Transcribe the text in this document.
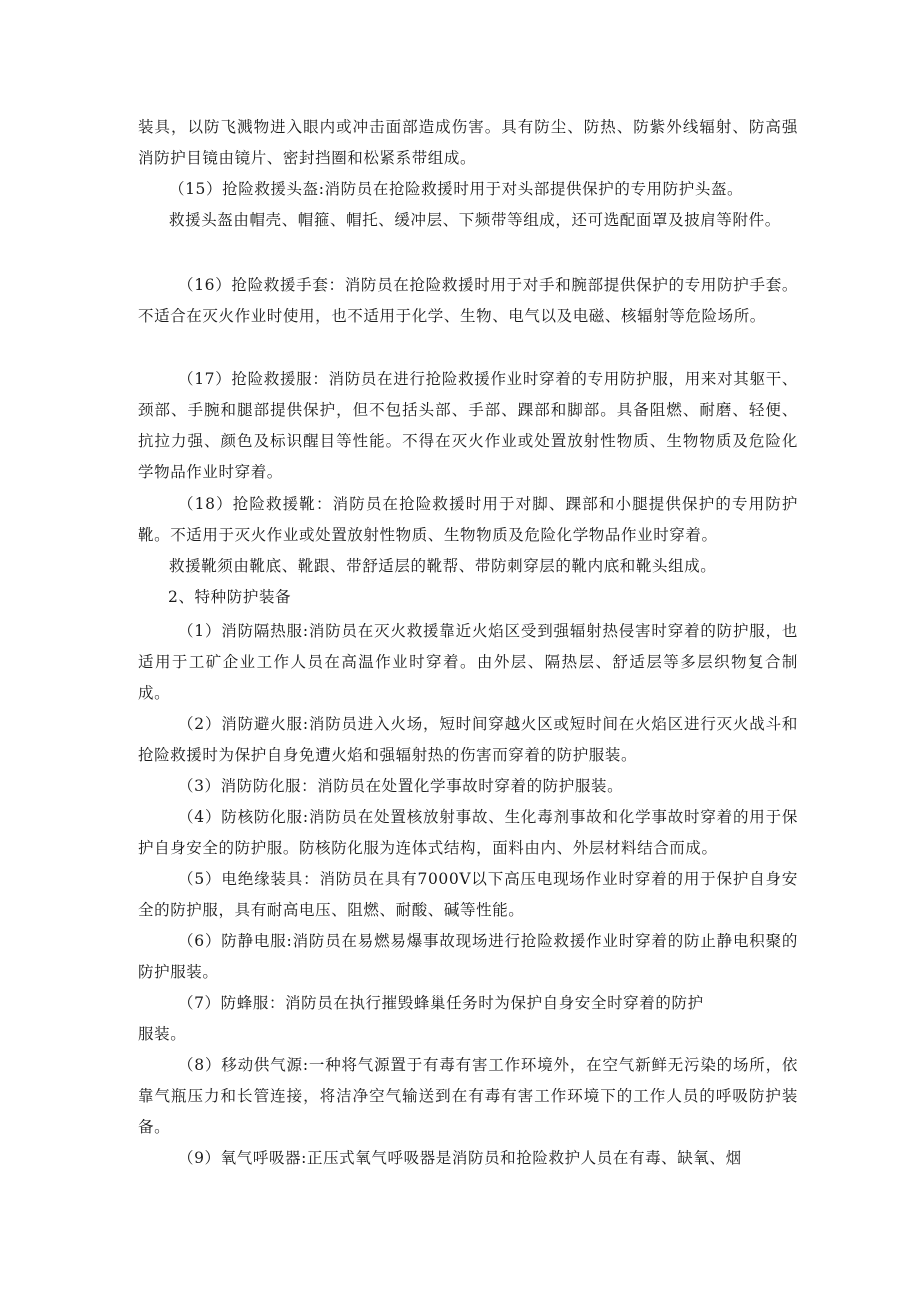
装具，以防飞溅物进入眼内或冲击面部造成伤害。具有防尘、防热、防紫外线辐射、防高强消防护目镜由镜片、密封挡圈和松紧系带组成。

（15）抢险救援头盔:消防员在抢险救援时用于对头部提供保护的专用防护头盔。

救援头盔由帽壳、帽箍、帽托、缓冲层、下频带等组成，还可选配面罩及披肩等附件。

（16）抢险救援手套：消防员在抢险救援时用于对手和腕部提供保护的专用防护手套。不适合在灭火作业时使用，也不适用于化学、生物、电气以及电磁、核辐射等危险场所。

（17）抢险救援服：消防员在进行抢险救援作业时穿着的专用防护服，用来对其躯干、颈部、手腕和腿部提供保护，但不包括头部、手部、踝部和脚部。具备阻燃、耐磨、轻便、抗拉力强、颜色及标识醒目等性能。不得在灭火作业或处置放射性物质、生物物质及危险化学物品作业时穿着。

（18）抢险救援靴：消防员在抢险救援时用于对脚、踝部和小腿提供保护的专用防护靴。不适用于灭火作业或处置放射性物质、生物物质及危险化学物品作业时穿着。

救援靴须由靴底、靴跟、带舒适层的靴帮、带防刺穿层的靴内底和靴头组成。

2、特种防护装备

（1）消防隔热服:消防员在灭火救援靠近火焰区受到强辐射热侵害时穿着的防护服，也适用于工矿企业工作人员在高温作业时穿着。由外层、隔热层、舒适层等多层织物复合制成。

（2）消防避火服:消防员进入火场，短时间穿越火区或短时间在火焰区进行灭火战斗和抢险救援时为保护自身免遭火焰和强辐射热的伤害而穿着的防护服装。

（3）消防防化服：消防员在处置化学事故时穿着的防护服装。

（4）防核防化服:消防员在处置核放射事故、生化毒剂事故和化学事故时穿着的用于保护自身安全的防护服。防核防化服为连体式结构，面料由内、外层材料结合而成。

（5）电绝缘装具：消防员在具有7000V以下高压电现场作业时穿着的用于保护自身安全的防护服，具有耐高电压、阻燃、耐酸、碱等性能。

（6）防静电服:消防员在易燃易爆事故现场进行抢险救援作业时穿着的防止静电积聚的防护服装。

（7）防蜂服：消防员在执行摧毁蜂巢任务时为保护自身安全时穿着的防护

服装。

（8）移动供气源:一种将气源置于有毒有害工作环境外，在空气新鲜无污染的场所，依靠气瓶压力和长管连接，将洁净空气输送到在有毒有害工作环境下的工作人员的呼吸防护装备。

（9）氧气呼吸器:正压式氧气呼吸器是消防员和抢险救护人员在有毒、缺氧、烟
